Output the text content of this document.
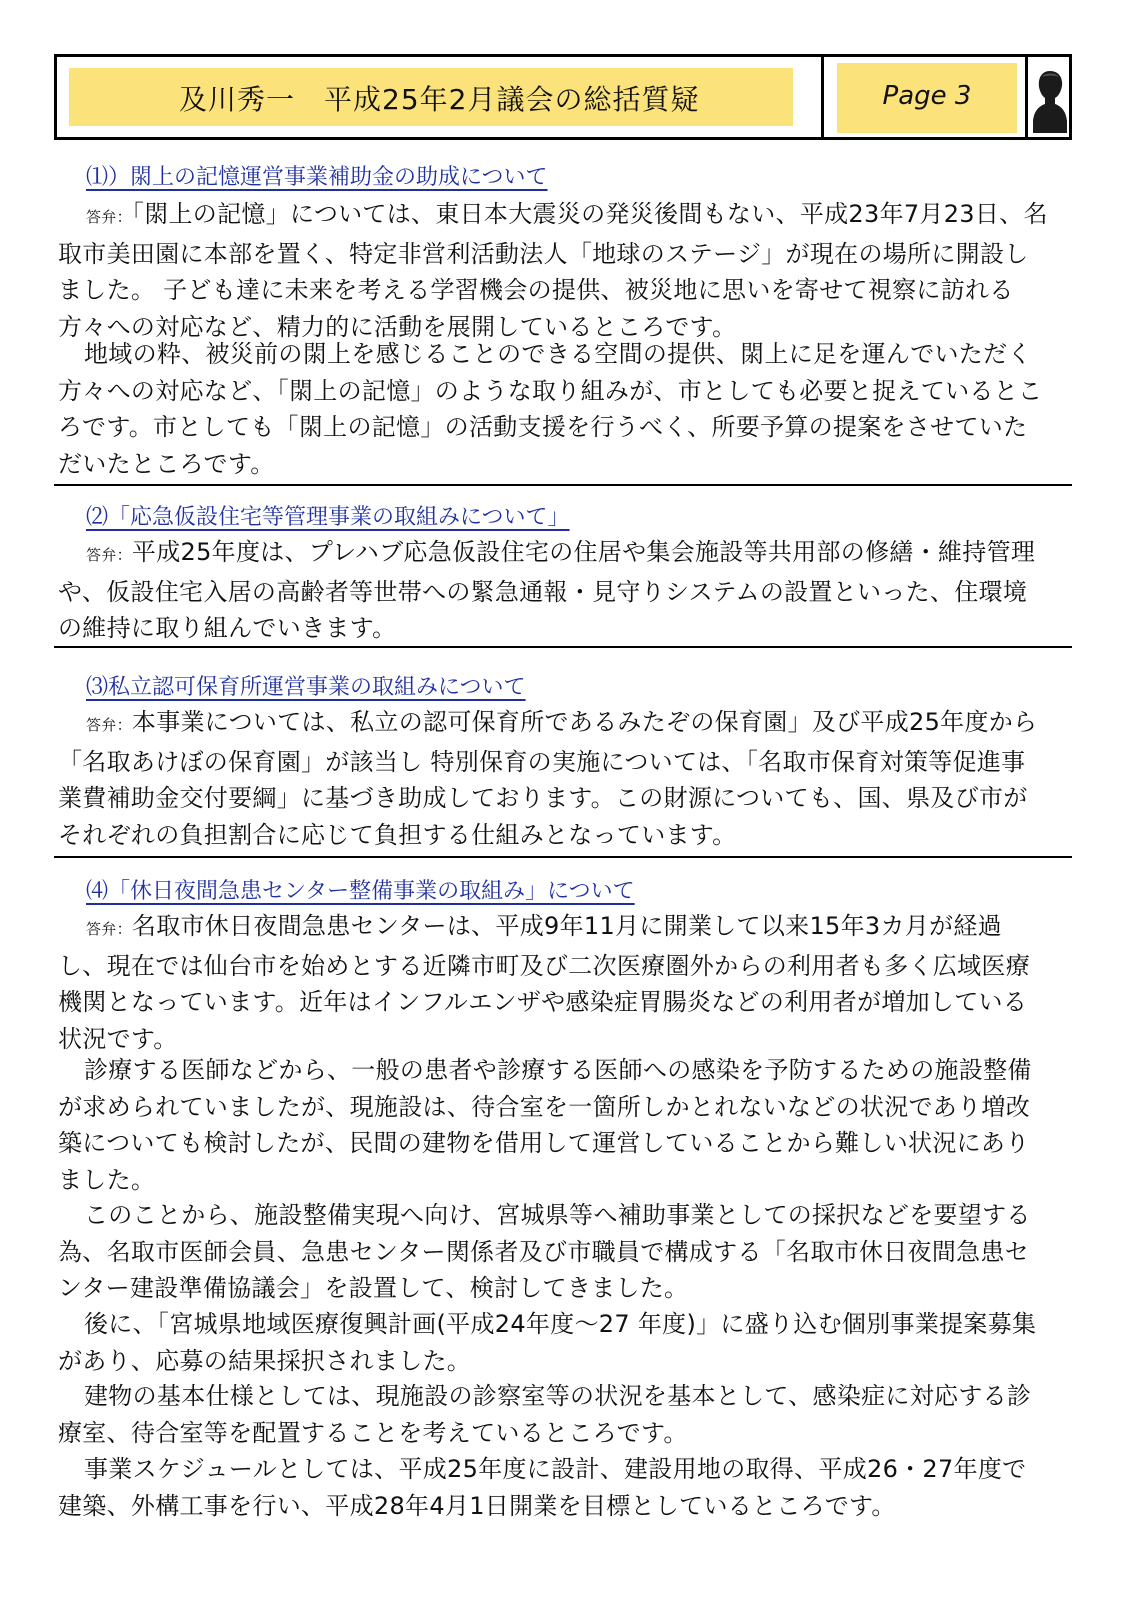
及川秀一　平成25年2月議会の総括質疑	Page 3
⑴）閖上の記憶運営事業補助金の助成について

答弁：「閖上の記憶」については、東日本大震災の発災後間もない、平成23年7月23日、名取市美田園に本部を置く、特定非営利活動法人「地球のステージ」が現在の場所に開設しました。 子ども達に未来を考える学習機会の提供、被災地に思いを寄せて視察に訪れる方々への対応など、精力的に活動を展開しているところです。

地域の粋、被災前の閖上を感じることのできる空間の提供、閖上に足を運んでいただく方々への対応など、「閖上の記憶」のような取り組みが、市としても必要と捉えているところです。市としても「閖上の記憶」の活動支援を行うべく、所要予算の提案をさせていただいたところです。

⑵「応急仮設住宅等管理事業の取組みについて」

答弁：平成25年度は、プレハブ応急仮設住宅の住居や集会施設等共用部の修繕・維持管理や、仮設住宅入居の高齢者等世帯への緊急通報・見守りシステムの設置といった、住環境の維持に取り組んでいきます。

⑶私立認可保育所運営事業の取組みについて

答弁：本事業については、私立の認可保育所であるみたぞの保育園」及び平成25年度から「名取あけぼの保育園」が該当し 特別保育の実施については、「名取市保育対策等促進事業費補助金交付要綱」に基づき助成しております。この財源についても、国、県及び市がそれぞれの負担割合に応じて負担する仕組みとなっています。

⑷「休日夜間急患センター整備事業の取組み」について

答弁：名取市休日夜間急患センターは、平成9年11月に開業して以来15年3カ月が経過し、現在では仙台市を始めとする近隣市町及び二次医療圏外からの利用者も多く広域医療機関となっています。近年はインフルエンザや感染症胃腸炎などの利用者が増加している状況です。

診療する医師などから、一般の患者や診療する医師への感染を予防するための施設整備が求められていましたが、現施設は、待合室を一箇所しかとれないなどの状況であり増改築についても検討したが、民間の建物を借用して運営していることから難しい状況にありました。

このことから、施設整備実現へ向け、宮城県等へ補助事業としての採択などを要望する為、名取市医師会員、急患センター関係者及び市職員で構成する「名取市休日夜間急患センター建設準備協議会」を設置して、検討してきました。

後に、「宮城県地域医療復興計画(平成24年度～27 年度)」に盛り込む個別事業提案募集があり、応募の結果採択されました。

建物の基本仕様としては、現施設の診察室等の状況を基本として、感染症に対応する診療室、待合室等を配置することを考えているところです。

事業スケジュールとしては、平成25年度に設計、建設用地の取得、平成26・27年度で建築、外構工事を行い、平成28年4月1日開業を目標としているところです。
